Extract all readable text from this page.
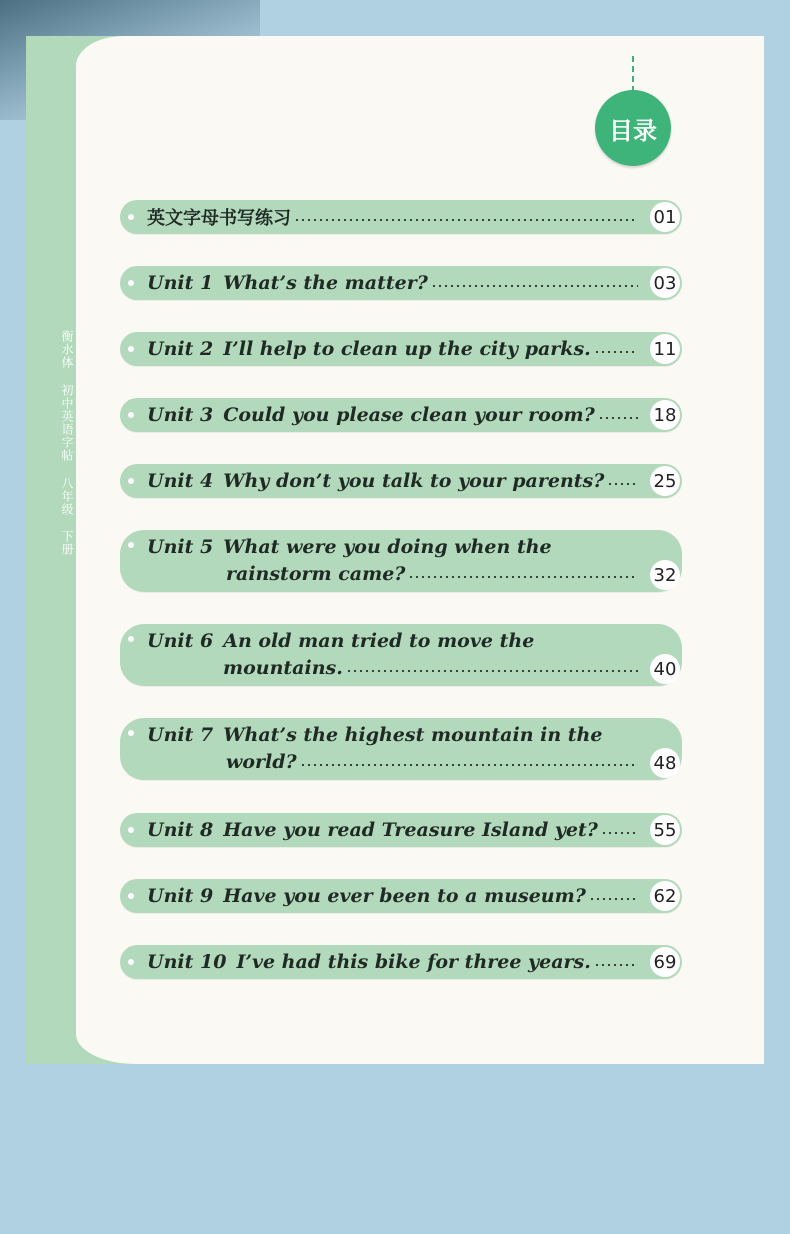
衡水体 初中英语字帖 八年级 下册
目录
英文字母书写练习	01
Unit 1 What’s the matter?	03
Unit 2 I’ll help to clean up the city parks.	11
Unit 3 Could you please clean your room?	18
Unit 4 Why don’t you talk to your parents?	25
Unit 5 What were you doing when the
rainstorm came?	32
Unit 6 An old man tried to move the
mountains.	40
Unit 7 What’s the highest mountain in the
world?	48
Unit 8 Have you read Treasure Island yet?	55
Unit 9 Have you ever been to a museum?	62
Unit 10 I’ve had this bike for three years.	69
